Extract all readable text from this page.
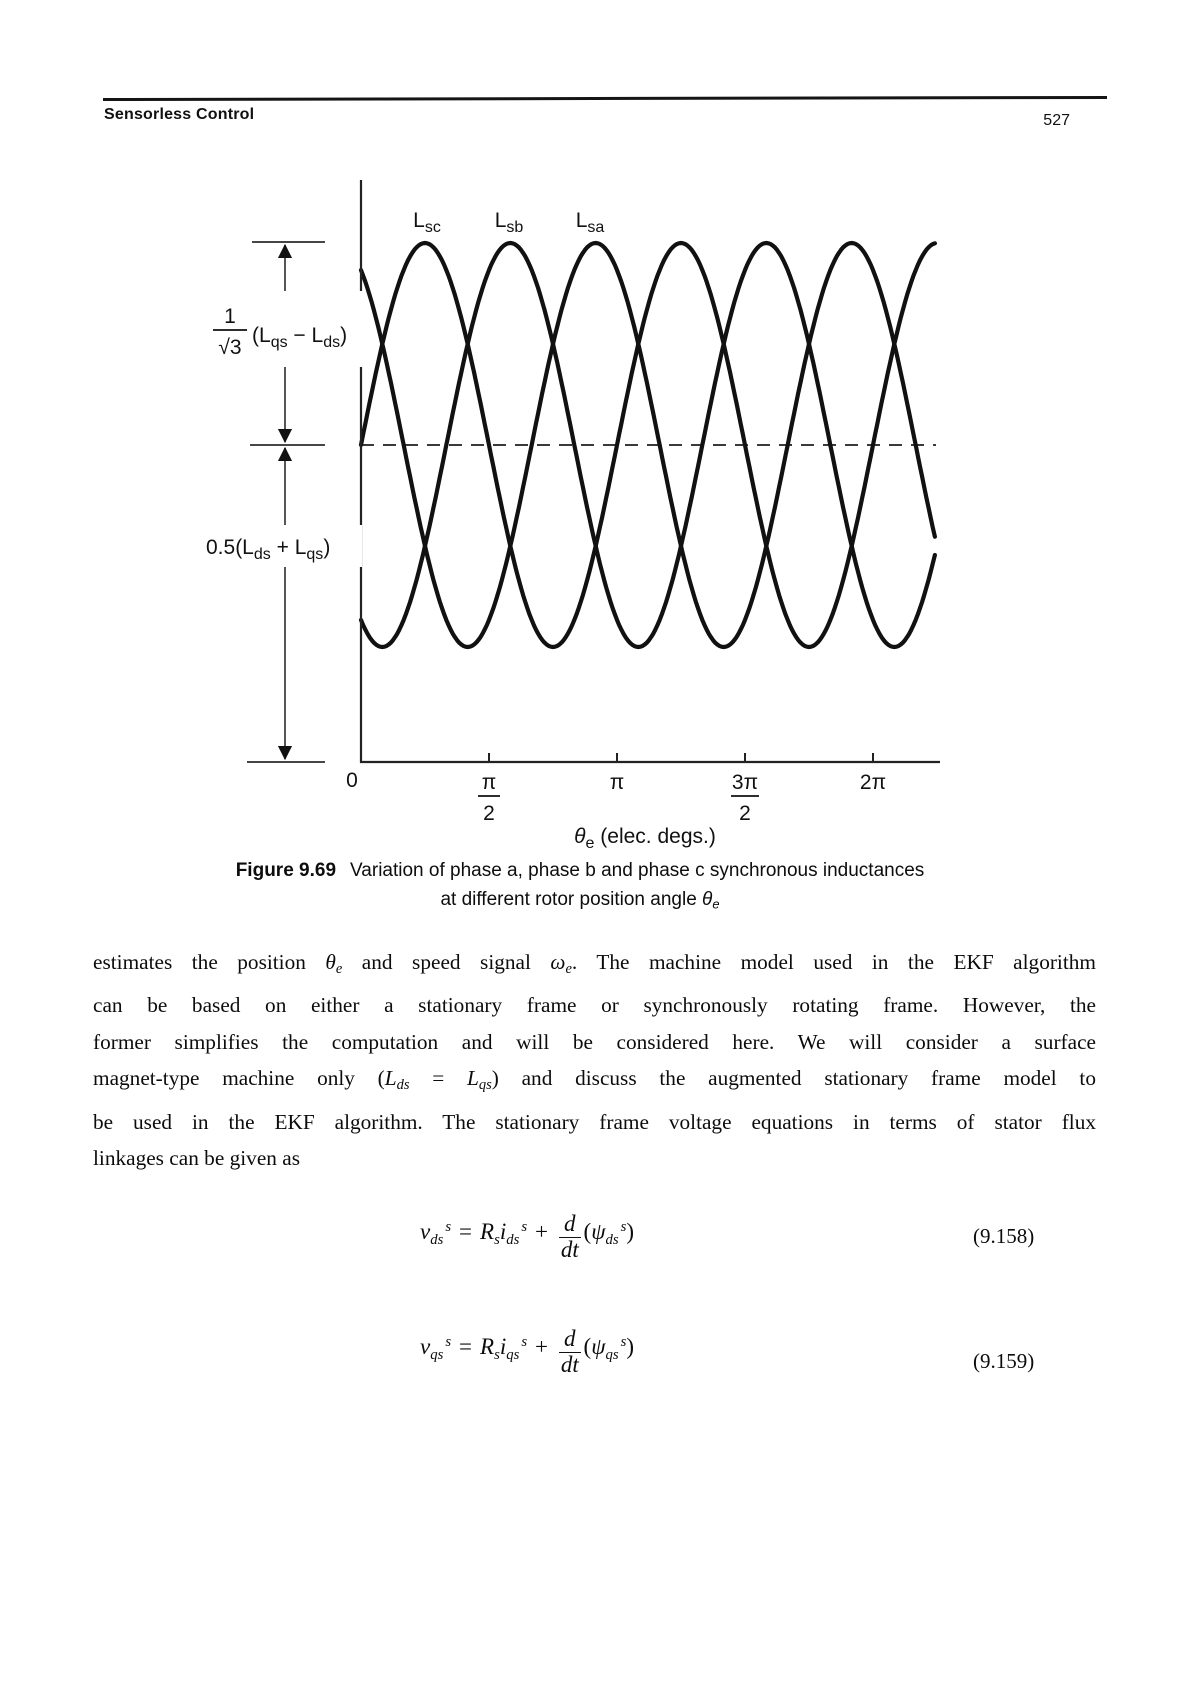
Sensorless Control	527
1
√3
$(L_{qs} - L_{ds})$
$0.5(L_{ds} + L_{qs})$
$L_{sc}$	$L_{sb}$ $L_{sa}$
0	π
2
π	3π
2
2π
$\theta_e$ (elec. degs.)
Figure 9.69 Variation of phase a, phase b and phase c synchronous inductances
at different rotor position angle θe
estimates the position θe and speed signal ωe. The machine model used in the EKF algorithm
can be based on either a stationary frame or synchronously rotating frame. However, the
former simplifies the computation and will be considered here. We will consider a surface
magnet-type machine only (Lds = Lqs) and discuss the augmented stationary frame model to
be used in the EKF algorithm. The stationary frame voltage equations in terms of stator flux
linkages can be given as
$v_{ds}^s = R_si_{ds}^s + \frac{d}{dt} (\psi_{ds}^s)$	(9.158)
$v_{qs}^s = R_si_{qs}^s + \frac{d}{dt} (\psi_{qs}^s)$
(9.159)
